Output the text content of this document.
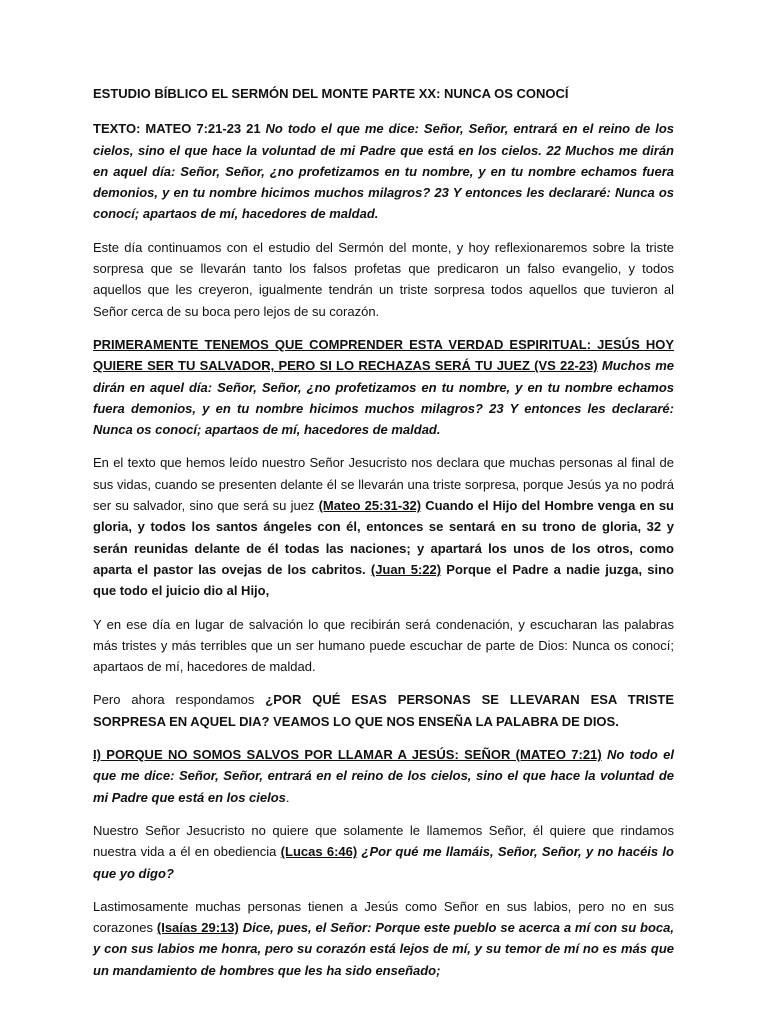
ESTUDIO BÍBLICO EL SERMÓN DEL MONTE PARTE XX: NUNCA OS CONOCÍ

TEXTO: MATEO 7:21-23 21 No todo el que me dice: Señor, Señor, entrará en el reino de los cielos, sino el que hace la voluntad de mi Padre que está en los cielos. 22 Muchos me dirán en aquel día: Señor, Señor, ¿no profetizamos en tu nombre, y en tu nombre echamos fuera demonios, y en tu nombre hicimos muchos milagros? 23 Y entonces les declararé: Nunca os conocí; apartaos de mí, hacedores de maldad.

Este día continuamos con el estudio del Sermón del monte, y hoy reflexionaremos sobre la triste sorpresa que se llevarán tanto los falsos profetas que predicaron un falso evangelio, y todos aquellos que les creyeron, igualmente tendrán un triste sorpresa todos aquellos que tuvieron al Señor cerca de su boca pero lejos de su corazón.

PRIMERAMENTE TENEMOS QUE COMPRENDER ESTA VERDAD ESPIRITUAL: JESÚS HOY QUIERE SER TU SALVADOR, PERO SI LO RECHAZAS SERÁ TU JUEZ (VS 22-23) Muchos me dirán en aquel día: Señor, Señor, ¿no profetizamos en tu nombre, y en tu nombre echamos fuera demonios, y en tu nombre hicimos muchos milagros? 23 Y entonces les declararé: Nunca os conocí; apartaos de mí, hacedores de maldad.

En el texto que hemos leído nuestro Señor Jesucristo nos declara que muchas personas al final de sus vidas, cuando se presenten delante él se llevarán una triste sorpresa, porque Jesús ya no podrá ser su salvador, sino que será su juez (Mateo 25:31-32) Cuando el Hijo del Hombre venga en su gloria, y todos los santos ángeles con él, entonces se sentará en su trono de gloria, 32 y serán reunidas delante de él todas las naciones; y apartará los unos de los otros, como aparta el pastor las ovejas de los cabritos. (Juan 5:22) Porque el Padre a nadie juzga, sino que todo el juicio dio al Hijo,

Y en ese día en lugar de salvación lo que recibirán será condenación, y escucharan las palabras más tristes y más terribles que un ser humano puede escuchar de parte de Dios: Nunca os conocí; apartaos de mí, hacedores de maldad.

Pero ahora respondamos ¿POR QUÉ ESAS PERSONAS SE LLEVARAN ESA TRISTE SORPRESA EN AQUEL DIA? VEAMOS LO QUE NOS ENSEÑA LA PALABRA DE DIOS.

I) PORQUE NO SOMOS SALVOS POR LLAMAR A JESÚS: SEÑOR (MATEO 7:21) No todo el que me dice: Señor, Señor, entrará en el reino de los cielos, sino el que hace la voluntad de mi Padre que está en los cielos.

Nuestro Señor Jesucristo no quiere que solamente le llamemos Señor, él quiere que rindamos nuestra vida a él en obediencia (Lucas 6:46) ¿Por qué me llamáis, Señor, Señor, y no hacéis lo que yo digo?

Lastimosamente muchas personas tienen a Jesús como Señor en sus labios, pero no en sus corazones (Isaías 29:13) Dice, pues, el Señor: Porque este pueblo se acerca a mí con su boca, y con sus labios me honra, pero su corazón está lejos de mí, y su temor de mí no es más que un mandamiento de hombres que les ha sido enseñado;
